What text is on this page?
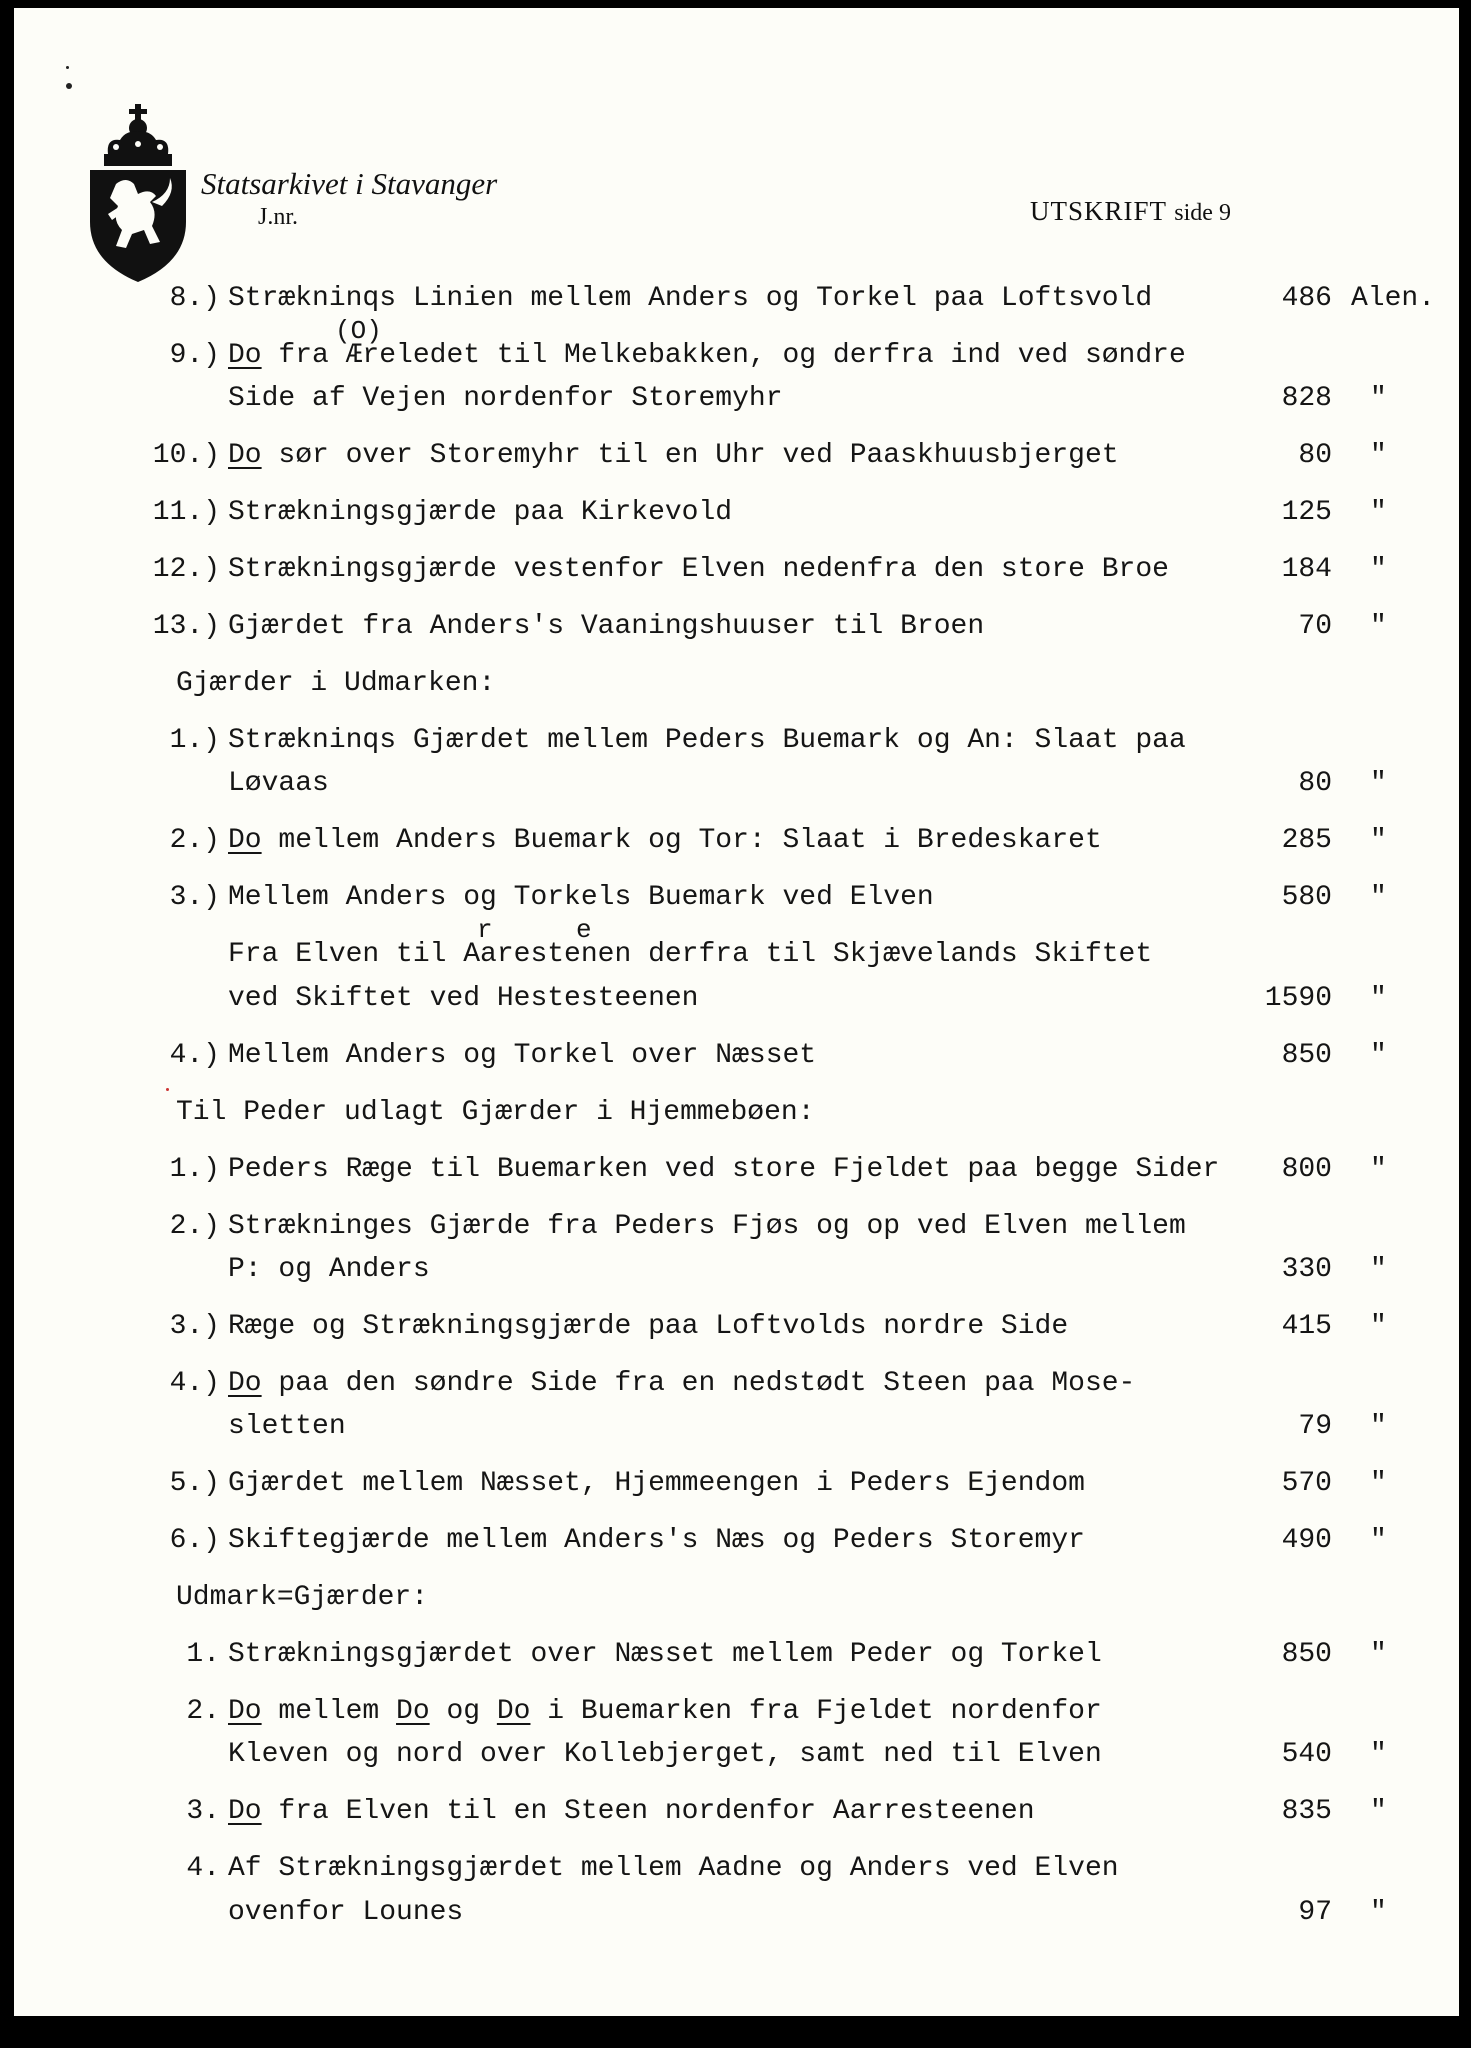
Statsarkivet i Stavanger
J.nr.	UTSKRIFT side 9
8.) Strækninqs Linien mellem Anders og Torkel paa Loftsvold	486 Alen.
9.) Do fra Æreledet til Melkebakken, og derfra ind ved søndre
Side af Vejen nordenfor Storemyhr	828 "
10.) Do sør over Storemyhr til en Uhr ved Paaskhuusbjerget	80 "
11.) Strækningsgjærde paa Kirkevold	125 "
12.) Strækningsgjærde vestenfor Elven nedenfra den store Broe	184 "
13.) Gjærdet fra Anders's Vaaningshuuser til Broen	70 "
Gjærder i Udmarken:
1.) Strækninqs Gjærdet mellem Peders Buemark og An: Slaat paa
Løvaas	80 "
2.) Do mellem Anders Buemark og Tor: Slaat i Bredeskaret	285 "
3.) Mellem Anders og Torkels Buemark ved Elven	580 "
Fra Elven til Aarestenen derfra til Skjævelands Skiftet
ved Skiftet ved Hestesteenen	1590 "
4.) Mellem Anders og Torkel over Næsset	850 "
Til Peder udlagt Gjærder i Hjemmebøen:
1.) Peders Ræge til Buemarken ved store Fjeldet paa begge Sider	800 "
2.) Strækninges Gjærde fra Peders Fjøs og op ved Elven mellem
P: og Anders	330 "
3.) Ræge og Strækningsgjærde paa Loftvolds nordre Side	415 "
4.) Do paa den søndre Side fra en nedstødt Steen paa Mose-
sletten	79 "
5.) Gjærdet mellem Næsset, Hjemmeengen i Peders Ejendom	570 "
6.) Skiftegjærde mellem Anders's Næs og Peders Storemyr	490 "
Udmark=Gjærder:
1. Strækningsgjærdet over Næsset mellem Peder og Torkel	850 "
2. Do mellem Do og Do i Buemarken fra Fjeldet nordenfor
Kleven og nord over Kollebjerget, samt ned til Elven	540 "
3. Do fra Elven til en Steen nordenfor Aarresteenen	835 "
4. Af Strækningsgjærdet mellem Aadne og Anders ved Elven
ovenfor Lounes	97 "
(O)
r	e
